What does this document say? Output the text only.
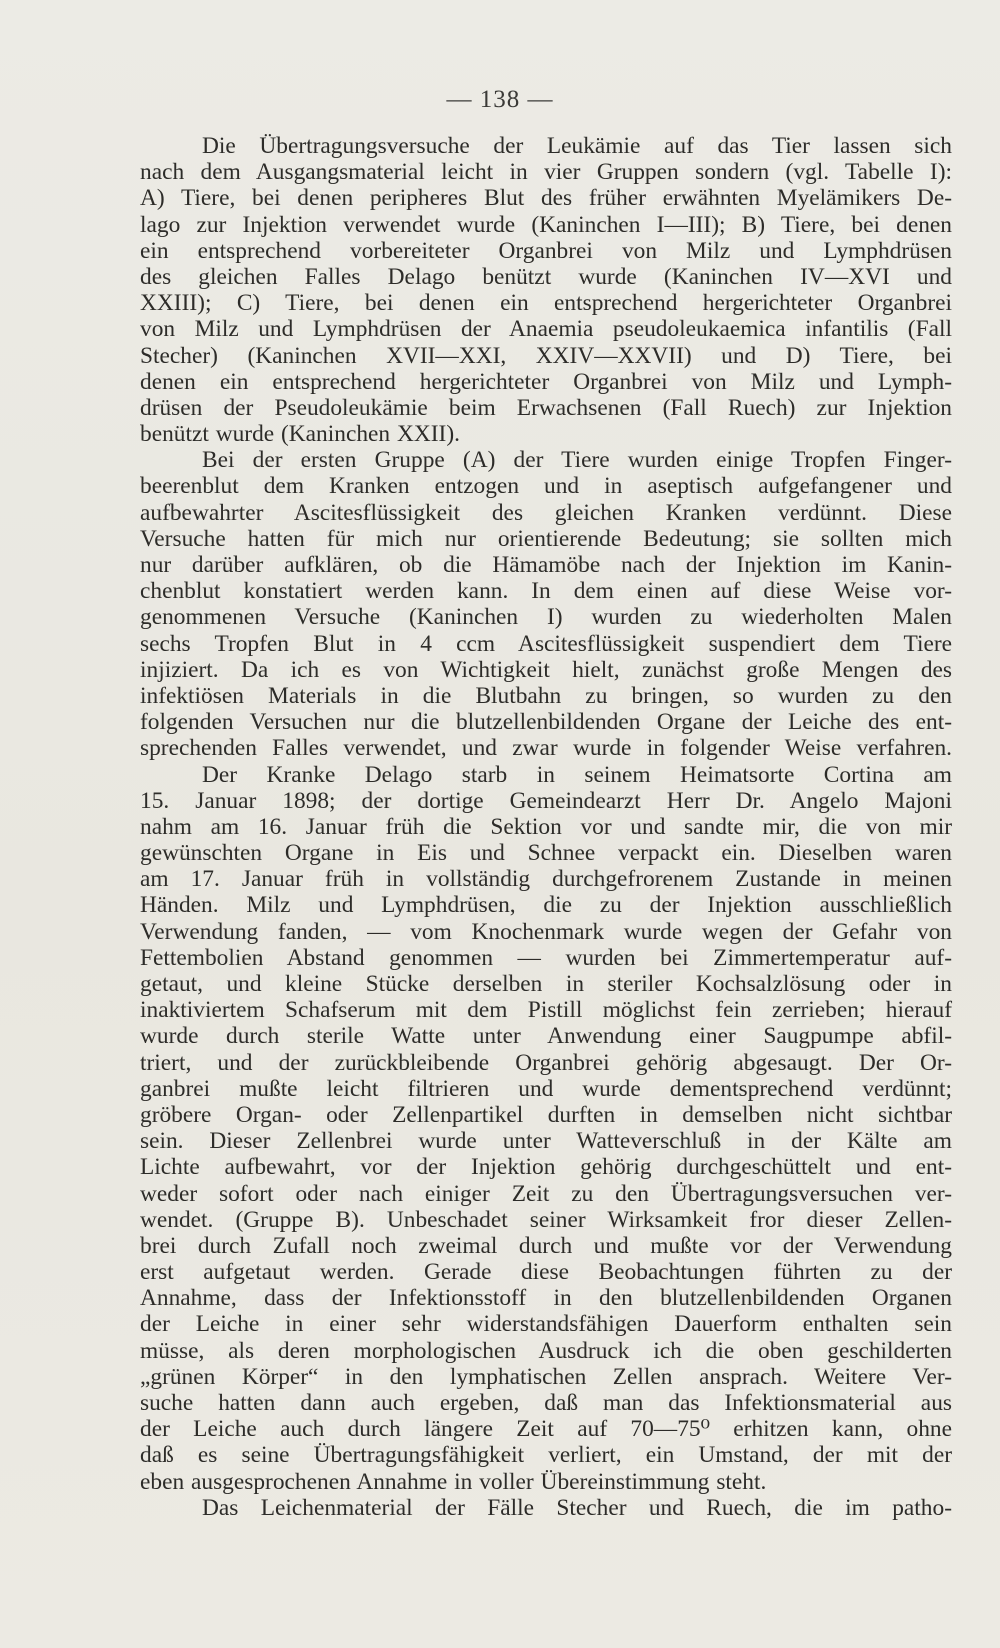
— 138 —
Die Übertragungsversuche der Leukämie auf das Tier lassen sich
nach dem Ausgangsmaterial leicht in vier Gruppen sondern (vgl. Tabelle I):
A) Tiere, bei denen peripheres Blut des früher erwähnten Myelämikers De-
lago zur Injektion verwendet wurde (Kaninchen I—III); B) Tiere, bei denen
ein entsprechend vorbereiteter Organbrei von Milz und Lymphdrüsen
des gleichen Falles Delago benützt wurde (Kaninchen IV—XVI und
XXIII); C) Tiere, bei denen ein entsprechend hergerichteter Organbrei
von Milz und Lymphdrüsen der Anaemia pseudoleukaemica infantilis (Fall
Stecher) (Kaninchen XVII—XXI, XXIV—XXVII) und D) Tiere, bei
denen ein entsprechend hergerichteter Organbrei von Milz und Lymph-
drüsen der Pseudoleukämie beim Erwachsenen (Fall Ruech) zur Injektion
benützt wurde (Kaninchen XXII).
Bei der ersten Gruppe (A) der Tiere wurden einige Tropfen Finger-
beerenblut dem Kranken entzogen und in aseptisch aufgefangener und
aufbewahrter Ascitesflüssigkeit des gleichen Kranken verdünnt. Diese
Versuche hatten für mich nur orientierende Bedeutung; sie sollten mich
nur darüber aufklären, ob die Hämamöbe nach der Injektion im Kanin-
chenblut konstatiert werden kann. In dem einen auf diese Weise vor-
genommenen Versuche (Kaninchen I) wurden zu wiederholten Malen
sechs Tropfen Blut in 4 ccm Ascitesflüssigkeit suspendiert dem Tiere
injiziert. Da ich es von Wichtigkeit hielt, zunächst große Mengen des
infektiösen Materials in die Blutbahn zu bringen, so wurden zu den
folgenden Versuchen nur die blutzellenbildenden Organe der Leiche des ent-
sprechenden Falles verwendet, und zwar wurde in folgender Weise verfahren.
Der Kranke Delago starb in seinem Heimatsorte Cortina am
15. Januar 1898; der dortige Gemeindearzt Herr Dr. Angelo Majoni
nahm am 16. Januar früh die Sektion vor und sandte mir, die von mir
gewünschten Organe in Eis und Schnee verpackt ein. Dieselben waren
am 17. Januar früh in vollständig durchgefrorenem Zustande in meinen
Händen. Milz und Lymphdrüsen, die zu der Injektion ausschließlich
Verwendung fanden, — vom Knochenmark wurde wegen der Gefahr von
Fettembolien Abstand genommen — wurden bei Zimmertemperatur auf-
getaut, und kleine Stücke derselben in steriler Kochsalzlösung oder in
inaktiviertem Schafserum mit dem Pistill möglichst fein zerrieben; hierauf
wurde durch sterile Watte unter Anwendung einer Saugpumpe abfil-
triert, und der zurückbleibende Organbrei gehörig abgesaugt. Der Or-
ganbrei mußte leicht filtrieren und wurde dementsprechend verdünnt;
gröbere Organ- oder Zellenpartikel durften in demselben nicht sichtbar
sein. Dieser Zellenbrei wurde unter Watteverschluß in der Kälte am
Lichte aufbewahrt, vor der Injektion gehörig durchgeschüttelt und ent-
weder sofort oder nach einiger Zeit zu den Übertragungsversuchen ver-
wendet. (Gruppe B). Unbeschadet seiner Wirksamkeit fror dieser Zellen-
brei durch Zufall noch zweimal durch und mußte vor der Verwendung
erst aufgetaut werden. Gerade diese Beobachtungen führten zu der
Annahme, dass der Infektionsstoff in den blutzellenbildenden Organen
der Leiche in einer sehr widerstandsfähigen Dauerform enthalten sein
müsse, als deren morphologischen Ausdruck ich die oben geschilderten
„grünen Körper“ in den lymphatischen Zellen ansprach. Weitere Ver-
suche hatten dann auch ergeben, daß man das Infektionsmaterial aus
der Leiche auch durch längere Zeit auf 70—75⁰ erhitzen kann, ohne
daß es seine Übertragungsfähigkeit verliert, ein Umstand, der mit der
eben ausgesprochenen Annahme in voller Übereinstimmung steht.
Das Leichenmaterial der Fälle Stecher und Ruech, die im patho-
